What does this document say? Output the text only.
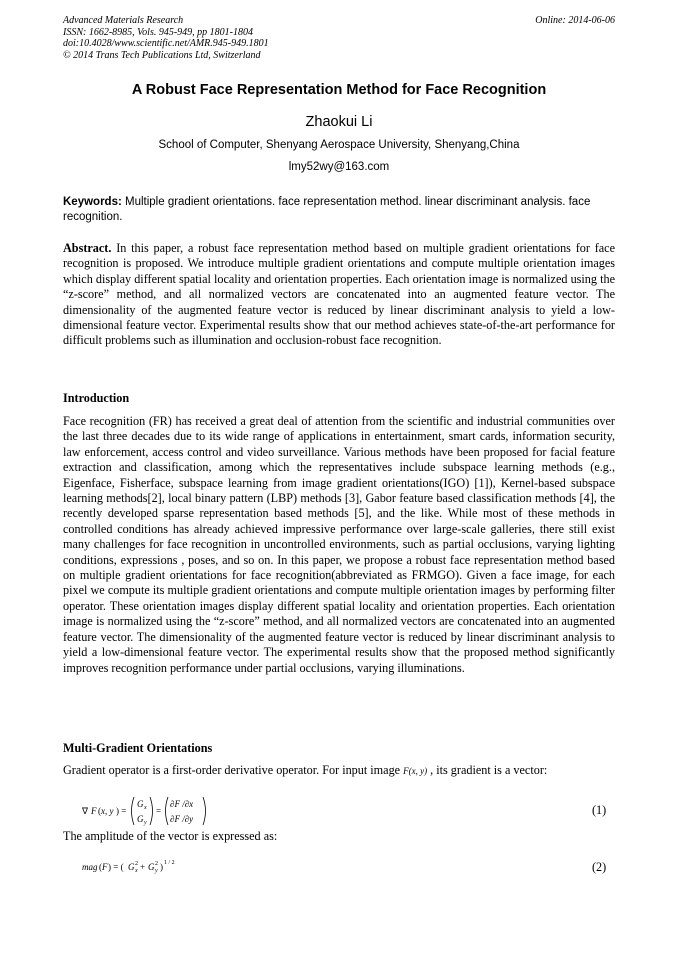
Advanced Materials Research
ISSN: 1662-8985, Vols. 945-949, pp 1801-1804
doi:10.4028/www.scientific.net/AMR.945-949.1801
© 2014 Trans Tech Publications Ltd, Switzerland
Online: 2014-06-06
A Robust Face Representation Method for Face Recognition
Zhaokui Li
School of Computer, Shenyang Aerospace University, Shenyang,China
lmy52wy@163.com
Keywords: Multiple gradient orientations. face representation method. linear discriminant analysis. face recognition.
Abstract. In this paper, a robust face representation method based on multiple gradient orientations for face recognition is proposed. We introduce multiple gradient orientations and compute multiple orientation images which display different spatial locality and orientation properties. Each orientation image is normalized using the “z-score” method, and all normalized vectors are concatenated into an augmented feature vector. The dimensionality of the augmented feature vector is reduced by linear discriminant analysis to yield a low-dimensional feature vector. Experimental results show that our method achieves state-of-the-art performance for difficult problems such as illumination and occlusion-robust face recognition.
Introduction
Face recognition (FR) has received a great deal of attention from the scientific and industrial communities over the last three decades due to its wide range of applications in entertainment, smart cards, information security, law enforcement, access control and video surveillance. Various methods have been proposed for facial feature extraction and classification, among which the representatives include subspace learning methods (e.g., Eigenface, Fisherface, subspace learning from image gradient orientations(IGO) [1]), Kernel-based subspace learning methods[2], local binary pattern (LBP) methods [3], Gabor feature based classification methods [4], the recently developed sparse representation based methods [5], and the like. While most of these methods in controlled conditions has already achieved impressive performance over large-scale galleries, there still exist many challenges for face recognition in uncontrolled environments, such as partial occlusions, varying lighting conditions, expressions , poses, and so on. In this paper, we propose a robust face representation method based on multiple gradient orientations for face recognition(abbreviated as FRMGO). Given a face image, for each pixel we compute its multiple gradient orientations and compute multiple orientation images by performing filter operator. These orientation images display different spatial locality and orientation properties. Each orientation image is normalized using the “z-score” method, and all normalized vectors are concatenated into an augmented feature vector. The dimensionality of the augmented feature vector is reduced by linear discriminant analysis to yield a low-dimensional feature vector. The experimental results show that the proposed method significantly improves recognition performance under partial occlusions, varying illuminations.
Multi-Gradient Orientations
Gradient operator is a first-order derivative operator. For input image F(x, y) , its gradient is a vector:
∇ F ( x, y ) =
G x
G y
=
∂F /∂x
∂F /∂y
(1)
The amplitude of the vector is expressed as:
mag ( F ) = ( G x
2 + G y
2 ) 1 / 2	(2)
